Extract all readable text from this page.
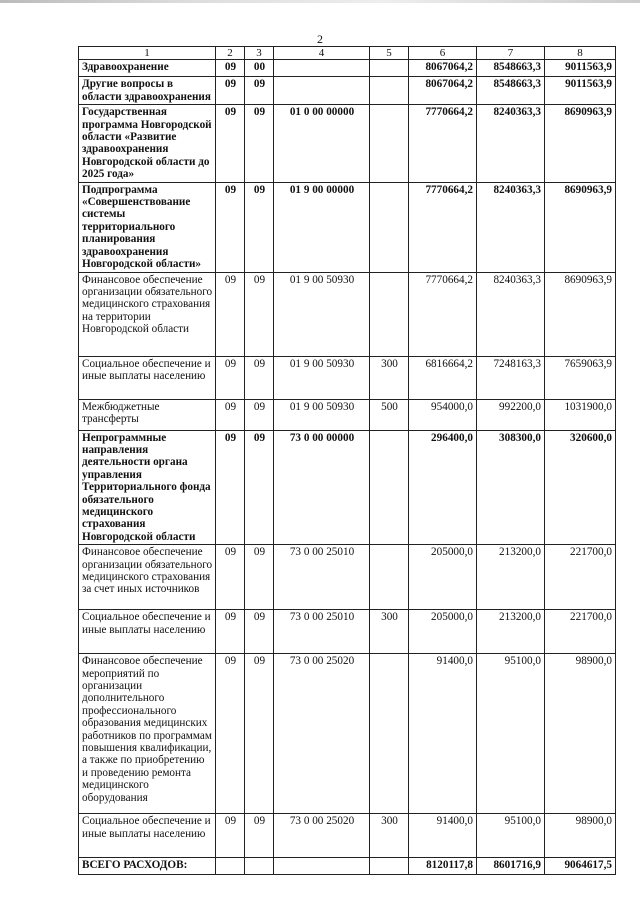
2
1	2	3	4	5	6	7	8
Здравоохранение	09	00			8067064,2	8548663,3	9011563,9
Другие вопросы в области здравоохранения	09	09			8067064,2	8548663,3	9011563,9
Государственная программа Новгородской области «Развитие здравоохранения Новгородской области до 2025 года»	09	09	01 0 00 00000		7770664,2	8240363,3	8690963,9
Подпрограмма «Совершенствование системы территориального планирования здравоохранения Новгородской области»	09	09	01 9 00 00000		7770664,2	8240363,3	8690963,9
Финансовое обеспечение организации обязательного медицинского страхования на территории Новгородской области	09	09	01 9 00 50930		7770664,2	8240363,3	8690963,9
Социальное обеспечение и иные выплаты населению	09	09	01 9 00 50930	300	6816664,2	7248163,3	7659063,9
Межбюджетные трансферты	09	09	01 9 00 50930	500	954000,0	992200,0	1031900,0
Непрограммные направления деятельности органа управления Территориального фонда обязательного медицинского страхования Новгородской области	09	09	73 0 00 00000		296400,0	308300,0	320600,0
Финансовое обеспечение организации обязательного медицинского страхования за счет иных источников	09	09	73 0 00 25010		205000,0	213200,0	221700,0
Социальное обеспечение и иные выплаты населению	09	09	73 0 00 25010	300	205000,0	213200,0	221700,0
Финансовое обеспечение мероприятий по организации дополнительного профессионального образования медицинских работников по программам повышения квалификации, а также по приобретению и проведению ремонта медицинского оборудования	09	09	73 0 00 25020		91400,0	95100,0	98900,0
Социальное обеспечение и иные выплаты населению	09	09	73 0 00 25020	300	91400,0	95100,0	98900,0
ВСЕГО РАСХОДОВ:					8120117,8	8601716,9	9064617,5
